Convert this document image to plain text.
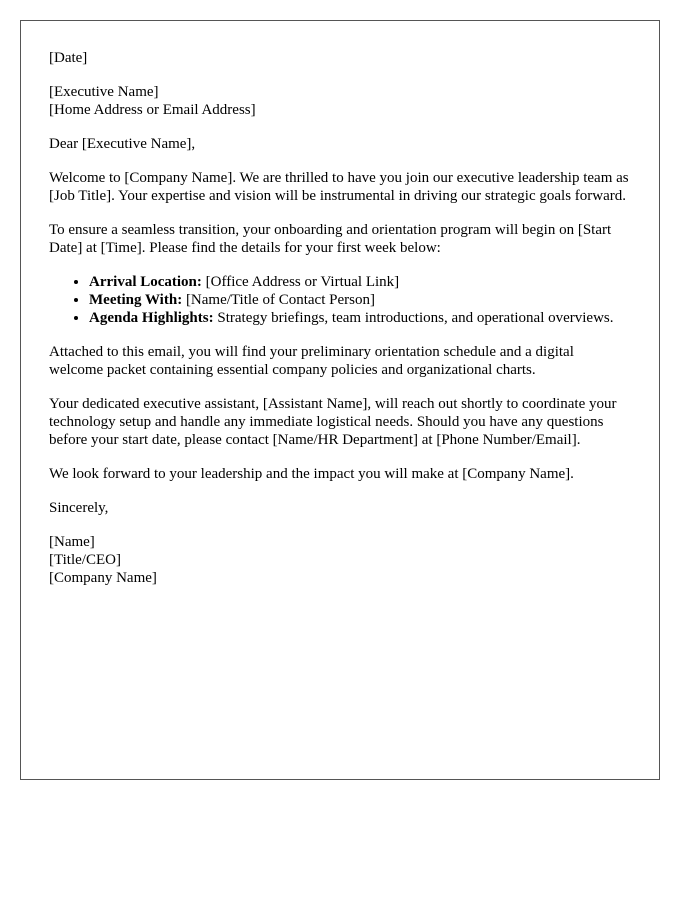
[Date]

[Executive Name]
[Home Address or Email Address]

Dear [Executive Name],

Welcome to [Company Name]. We are thrilled to have you join our executive leadership team as [Job Title]. Your expertise and vision will be instrumental in driving our strategic goals forward.

To ensure a seamless transition, your onboarding and orientation program will begin on [Start Date] at [Time]. Please find the details for your first week below:

• Arrival Location: [Office Address or Virtual Link]
• Meeting With: [Name/Title of Contact Person]
• Agenda Highlights: Strategy briefings, team introductions, and operational overviews.

Attached to this email, you will find your preliminary orientation schedule and a digital welcome packet containing essential company policies and organizational charts.

Your dedicated executive assistant, [Assistant Name], will reach out shortly to coordinate your technology setup and handle any immediate logistical needs. Should you have any questions before your start date, please contact [Name/HR Department] at [Phone Number/Email].

We look forward to your leadership and the impact you will make at [Company Name].

Sincerely,

[Name]
[Title/CEO]
[Company Name]
